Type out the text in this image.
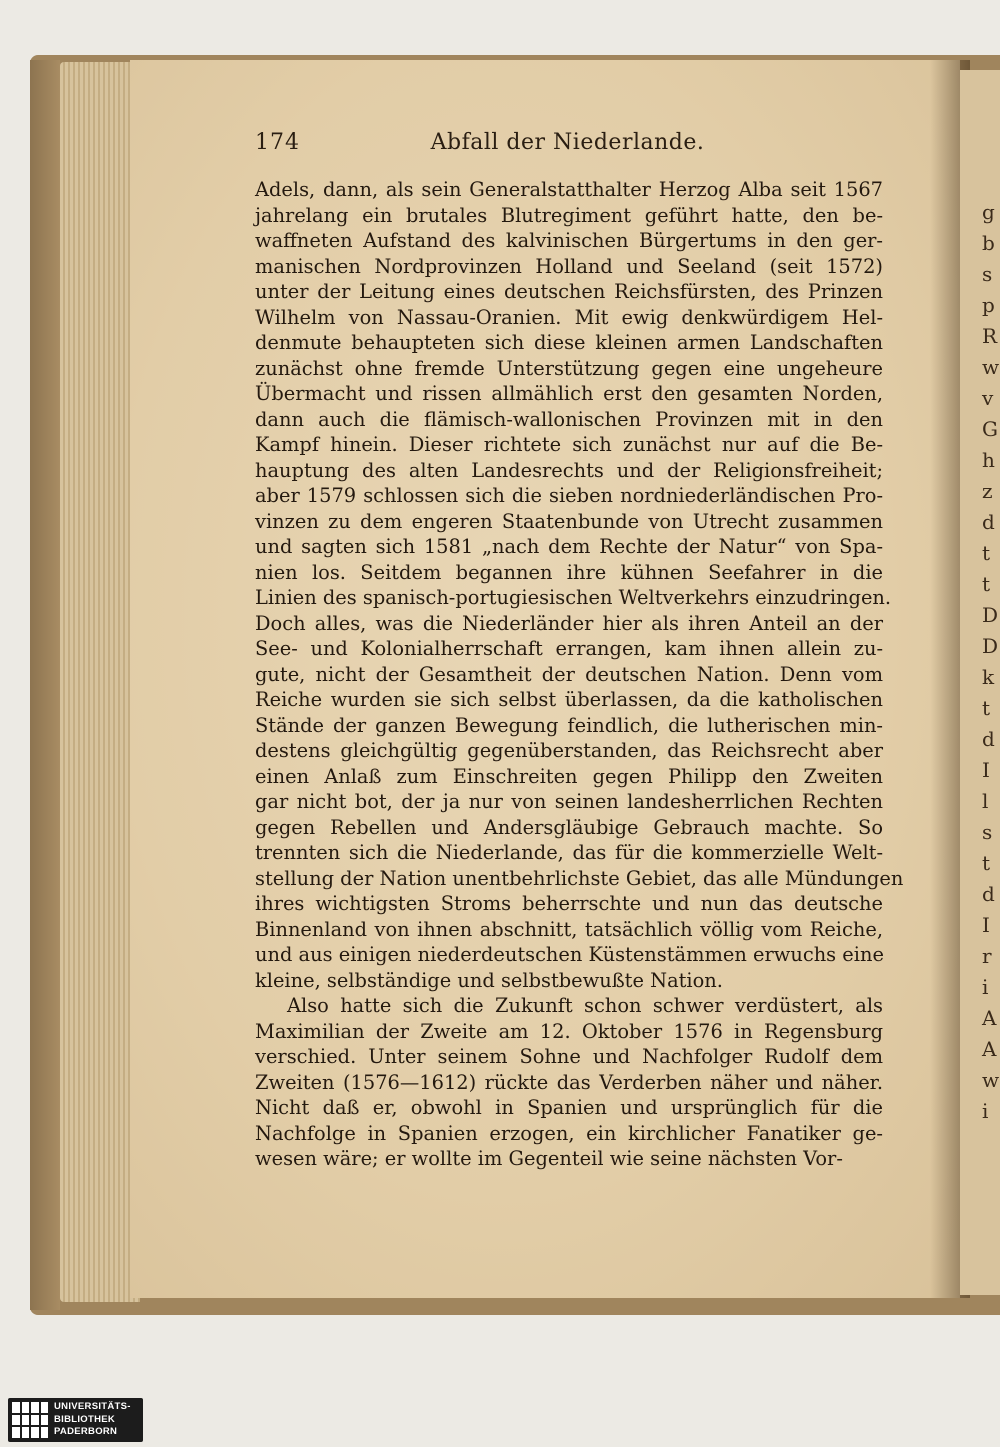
g
b
s
p
R
w
v
G
h
z
d
t
t
D
D
k
t
d
I
l
s
t
d
I
r
i
A
A
w
i
174	Abfall der Niederlande.
Adels, dann, als sein Generalstatthalter Herzog Alba seit 1567
jahrelang ein brutales Blutregiment geführt hatte, den be-
waffneten Aufstand des kalvinischen Bürgertums in den ger-
manischen Nordprovinzen Holland und Seeland (seit 1572)
unter der Leitung eines deutschen Reichsfürsten, des Prinzen
Wilhelm von Nassau-Oranien. Mit ewig denkwürdigem Hel-
denmute behaupteten sich diese kleinen armen Landschaften
zunächst ohne fremde Unterstützung gegen eine ungeheure
Übermacht und rissen allmählich erst den gesamten Norden,
dann auch die flämisch-wallonischen Provinzen mit in den
Kampf hinein. Dieser richtete sich zunächst nur auf die Be-
hauptung des alten Landesrechts und der Religionsfreiheit;
aber 1579 schlossen sich die sieben nordniederländischen Pro-
vinzen zu dem engeren Staatenbunde von Utrecht zusammen
und sagten sich 1581 „nach dem Rechte der Natur“ von Spa-
nien los. Seitdem begannen ihre kühnen Seefahrer in die
Linien des spanisch-portugiesischen Weltverkehrs einzudringen.
Doch alles, was die Niederländer hier als ihren Anteil an der
See- und Kolonialherrschaft errangen, kam ihnen allein zu-
gute, nicht der Gesamtheit der deutschen Nation. Denn vom
Reiche wurden sie sich selbst überlassen, da die katholischen
Stände der ganzen Bewegung feindlich, die lutherischen min-
destens gleichgültig gegenüberstanden, das Reichsrecht aber
einen Anlaß zum Einschreiten gegen Philipp den Zweiten
gar nicht bot, der ja nur von seinen landesherrlichen Rechten
gegen Rebellen und Andersgläubige Gebrauch machte. So
trennten sich die Niederlande, das für die kommerzielle Welt-
stellung der Nation unentbehrlichste Gebiet, das alle Mündungen
ihres wichtigsten Stroms beherrschte und nun das deutsche
Binnenland von ihnen abschnitt, tatsächlich völlig vom Reiche,
und aus einigen niederdeutschen Küstenstämmen erwuchs eine
kleine, selbständige und selbstbewußte Nation.
Also hatte sich die Zukunft schon schwer verdüstert, als
Maximilian der Zweite am 12. Oktober 1576 in Regensburg
verschied. Unter seinem Sohne und Nachfolger Rudolf dem
Zweiten (1576—1612) rückte das Verderben näher und näher.
Nicht daß er, obwohl in Spanien und ursprünglich für die
Nachfolge in Spanien erzogen, ein kirchlicher Fanatiker ge-
wesen wäre; er wollte im Gegenteil wie seine nächsten Vor-
UNIVERSITÄTS-
BIBLIOTHEK
PADERBORN
